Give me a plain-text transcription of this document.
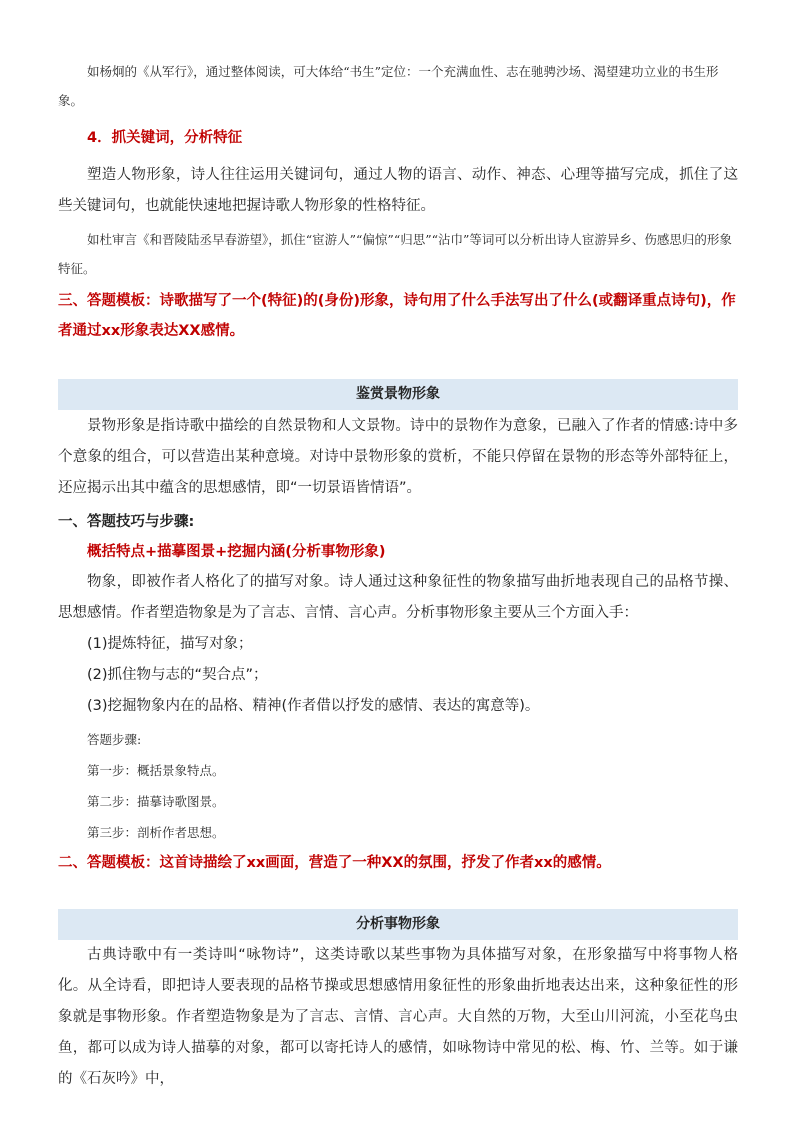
如杨炯的《从军行》，通过整体阅读，可大体给“书生”定位：一个充满血性、志在驰骋沙场、渴望建功立业的书生形象。

4．抓关键词，分析特征

塑造人物形象，诗人往往运用关键词句，通过人物的语言、动作、神态、心理等描写完成，抓住了这些关键词句，也就能快速地把握诗歌人物形象的性格特征。

如杜审言《和晋陵陆丞早春游望》，抓住“宦游人”“偏惊”“归思”“沾巾”等词可以分析出诗人宦游异乡、伤感思归的形象特征。

三、答题模板：诗歌描写了一个(特征)的(身份)形象，诗句用了什么手法写出了什么(或翻译重点诗句)，作者通过xx形象表达XX感情。

鉴赏景物形象

景物形象是指诗歌中描绘的自然景物和人文景物。诗中的景物作为意象，已融入了作者的情感:诗中多个意象的组合，可以营造出某种意境。对诗中景物形象的赏析，不能只停留在景物的形态等外部特征上，还应揭示出其中蕴含的思想感情，即“一切景语皆情语”。

一、答题技巧与步骤:

概括特点+描摹图景+挖掘内涵(分析事物形象)

物象，即被作者人格化了的描写对象。诗人通过这种象征性的物象描写曲折地表现自己的品格节操、思想感情。作者塑造物象是为了言志、言情、言心声。分析事物形象主要从三个方面入手：

(1)提炼特征，描写对象；

(2)抓住物与志的“契合点”；

(3)挖掘物象内在的品格、精神(作者借以抒发的感情、表达的寓意等)。

答题步骤:

第一步：概括景象特点。

第二步：描摹诗歌图景。

第三步：剖析作者思想。

二、答题模板：这首诗描绘了xx画面，营造了一种XX的氛围，抒发了作者xx的感情。

分析事物形象

古典诗歌中有一类诗叫“咏物诗”，这类诗歌以某些事物为具体描写对象，在形象描写中将事物人格化。从全诗看，即把诗人要表现的品格节操或思想感情用象征性的形象曲折地表达出来，这种象征性的形象就是事物形象。作者塑造物象是为了言志、言情、言心声。大自然的万物，大至山川河流，小至花鸟虫鱼，都可以成为诗人描摹的对象，都可以寄托诗人的感情，如咏物诗中常见的松、梅、竹、兰等。如于谦的《石灰吟》中，
